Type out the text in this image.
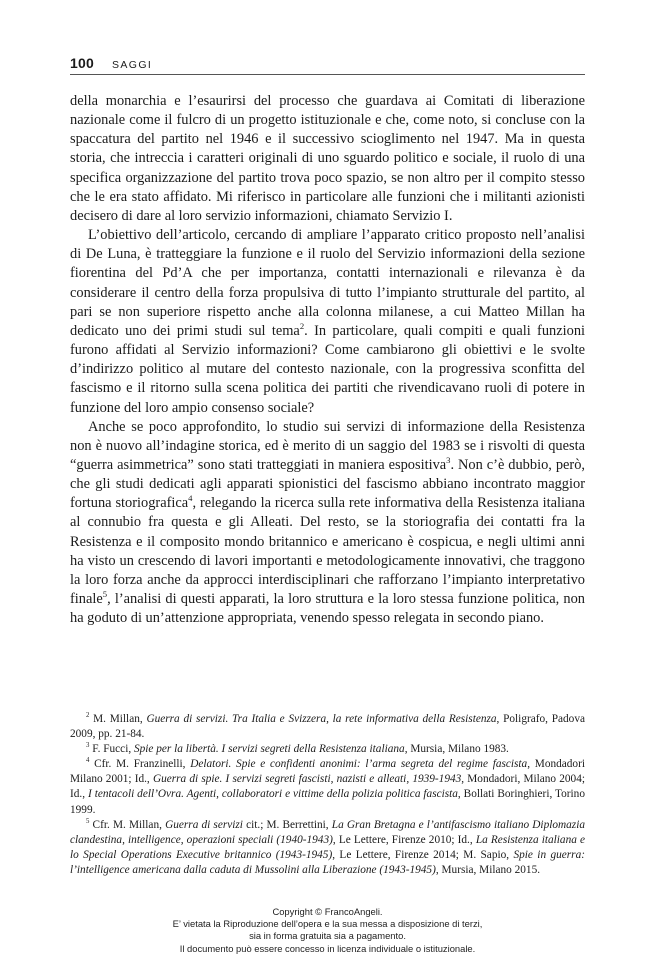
100 SAGGI

della monarchia e l’esaurirsi del processo che guardava ai Comitati di liberazione nazionale come il fulcro di un progetto istituzionale e che, come noto, si concluse con la spaccatura del partito nel 1946 e il successivo scioglimento nel 1947. Ma in questa storia, che intreccia i caratteri originali di uno sguardo politico e sociale, il ruolo di una specifica organizzazione del partito trova poco spazio, se non altro per il compito stesso che le era stato affidato. Mi riferisco in particolare alle funzioni che i militanti azionisti decisero di dare al loro servizio informazioni, chiamato Servizio I.

L’obiettivo dell’articolo, cercando di ampliare l’apparato critico proposto nell’analisi di De Luna, è tratteggiare la funzione e il ruolo del Servizio informazioni della sezione fiorentina del Pd’A che per importanza, contatti internazionali e rilevanza è da considerare il centro della forza propulsiva di tutto l’impianto strutturale del partito, al pari se non superiore rispetto anche alla colonna milanese, a cui Matteo Millan ha dedicato uno dei primi studi sul tema$^2$. In particolare, quali compiti e quali funzioni furono affidati al Servizio informazioni? Come cambiarono gli obiettivi e le svolte d’indirizzo politico al mutare del contesto nazionale, con la progressiva sconfitta del fascismo e il ritorno sulla scena politica dei partiti che rivendicavano ruoli di potere in funzione del loro ampio consenso sociale?

Anche se poco approfondito, lo studio sui servizi di informazione della Resistenza non è nuovo all’indagine storica, ed è merito di un saggio del 1983 se i risvolti di questa “guerra asimmetrica” sono stati tratteggiati in maniera espositiva$^3$. Non c’è dubbio, però, che gli studi dedicati agli apparati spionistici del fascismo abbiano incontrato maggior fortuna storiografica$^4$, relegando la ricerca sulla rete informativa della Resistenza italiana al connubio fra questa e gli Alleati. Del resto, se la storiografia dei contatti fra la Resistenza e il composito mondo britannico e americano è cospicua, e negli ultimi anni ha visto un crescendo di lavori importanti e metodologicamente innovativi, che traggono la loro forza anche da approcci interdisciplinari che rafforzano l’impianto interpretativo finale$^5$, l’analisi di questi apparati, la loro struttura e la loro stessa funzione politica, non ha goduto di un’attenzione appropriata, venendo spesso relegata in secondo piano.

$^2$ M. Millan, Guerra di servizi. Tra Italia e Svizzera, la rete informativa della Resistenza, Poligrafo, Padova 2009, pp. 21-84.

$^3$ F. Fucci, Spie per la libertà. I servizi segreti della Resistenza italiana, Mursia, Milano 1983.

$^4$ Cfr. M. Franzinelli, Delatori. Spie e confidenti anonimi: l’arma segreta del regime fascista, Mondadori Milano 2001; Id., Guerra di spie. I servizi segreti fascisti, nazisti e alleati, 1939-1943, Mondadori, Milano 2004; Id., I tentacoli dell’Ovra. Agenti, collaboratori e vittime della polizia politica fascista, Bollati Boringhieri, Torino 1999.

$^5$ Cfr. M. Millan, Guerra di servizi cit.; M. Berrettini, La Gran Bretagna e l’antifascismo italiano Diplomazia clandestina, intelligence, operazioni speciali (1940-1943), Le Lettere, Firenze 2010; Id., La Resistenza italiana e lo Special Operations Executive britannico (1943-1945), Le Lettere, Firenze 2014; M. Sapio, Spie in guerra: l’intelligence americana dalla caduta di Mussolini alla Liberazione (1943-1945), Mursia, Milano 2015.

Copyright © FrancoAngeli.
E’ vietata la Riproduzione dell’opera e la sua messa a disposizione di terzi,
sia in forma gratuita sia a pagamento.
Il documento può essere concesso in licenza individuale o istituzionale.
